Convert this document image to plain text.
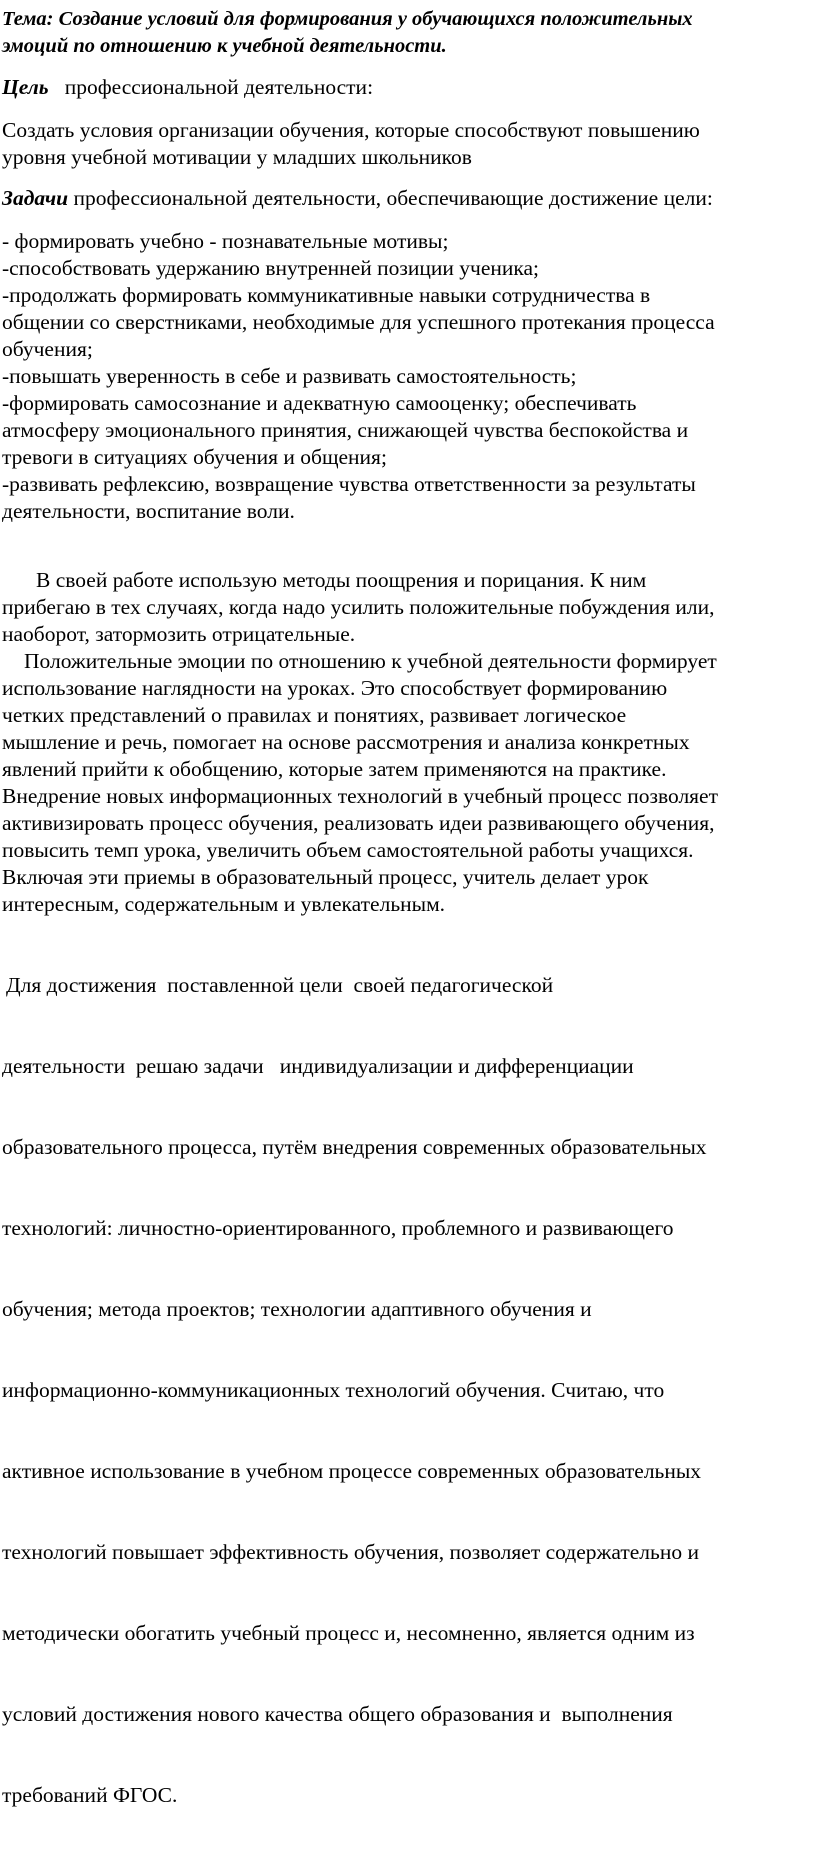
Тема: Создание условий для формирования у обучающихся положительных
эмоций по отношению к учебной деятельности.
Цель   профессиональной деятельности:
Создать условия организации обучения, которые способствуют повышению
уровня учебной мотивации у младших школьников
Задачи профессиональной деятельности, обеспечивающие достижение цели:
- формировать учебно - познавательные мотивы;
-способствовать удержанию внутренней позиции ученика;
-продолжать формировать коммуникативные навыки сотрудничества в
общении со сверстниками, необходимые для успешного протекания процесса
обучения;
-повышать уверенность в себе и развивать самостоятельность;
-формировать самосознание и адекватную самооценку; обеспечивать
атмосферу эмоционального принятия, снижающей чувства беспокойства и
тревоги в ситуациях обучения и общения;
-развивать рефлексию, возвращение чувства ответственности за результаты
деятельности, воспитание воли.
В своей работе использую методы поощрения и порицания. К ним
прибегаю в тех случаях, когда надо усилить положительные побуждения или,
наоборот, затормозить отрицательные.
Положительные эмоции по отношению к учебной деятельности формирует
использование наглядности на уроках. Это способствует формированию
четких представлений о правилах и понятиях, развивает логическое
мышление и речь, помогает на основе рассмотрения и анализа конкретных
явлений прийти к обобщению, которые затем применяются на практике.
Внедрение новых информационных технологий в учебный процесс позволяет
активизировать процесс обучения, реализовать идеи развивающего обучения,
повысить темп урока, увеличить объем самостоятельной работы учащихся.
Включая эти приемы в образовательный процесс, учитель делает урок
интересным, содержательным и увлекательным.

Для достижения  поставленной цели  своей педагогической

деятельности  решаю задачи   индивидуализации и дифференциации

образовательного процесса, путём внедрения современных образовательных

технологий: личностно-ориентированного, проблемного и развивающего

обучения; метода проектов; технологии адаптивного обучения и

информационно-коммуникационных технологий обучения. Считаю, что

активное использование в учебном процессе современных образовательных

технологий повышает эффективность обучения, позволяет содержательно и

методически обогатить учебный процесс и, несомненно, является одним из

условий достижения нового качества общего образования и  выполнения

требований ФГОС.
